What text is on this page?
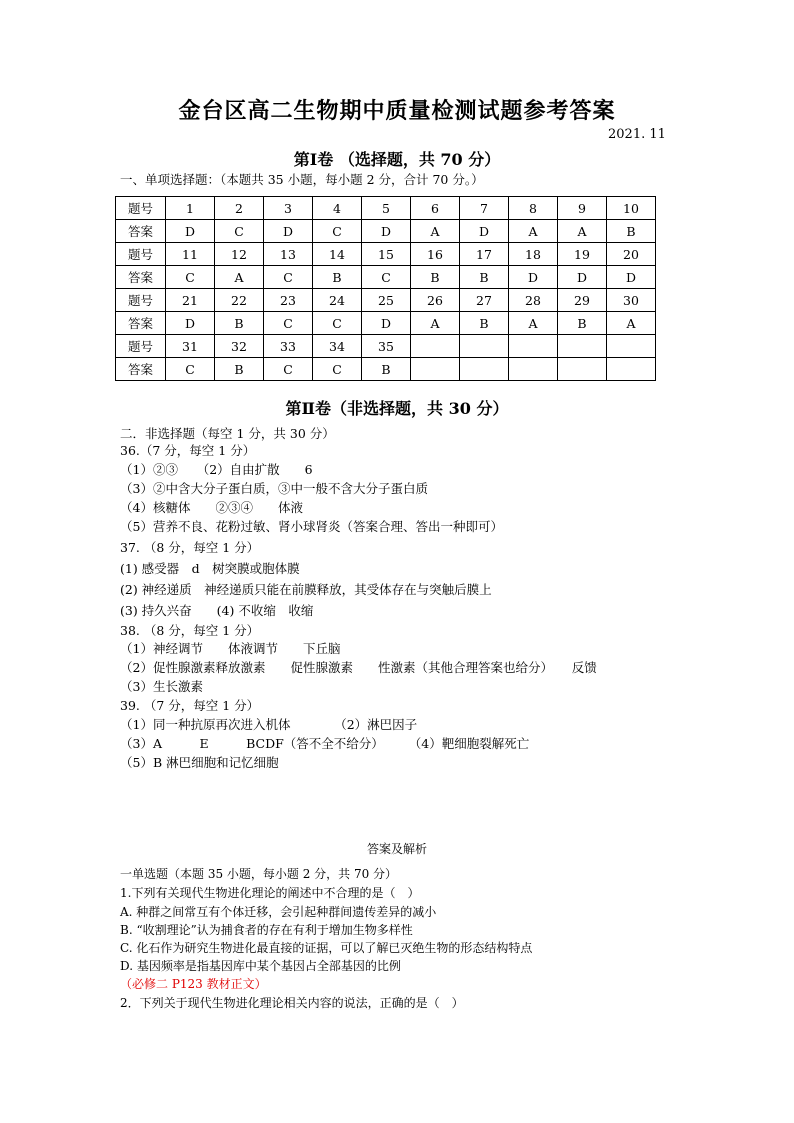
金台区高二生物期中质量检测试题参考答案
2021. 11
第Ⅰ卷 （选择题，共 70 分）
一、单项选择题：（本题共 35 小题，每小题 2 分，合计 70 分。）
题号	1	2	3	4	5	6	7	8	9	10
答案	D	C	D	C	D	A	D	A	A	B
题号	11	12	13	14	15	16	17	18	19	20
答案	C	A	C	B	C	B	B	D	D	D
题号	21	22	23	24	25	26	27	28	29	30
答案	D	B	C	C	D	A	B	A	B	A
题号	31	32	33	34	35					
答案	C	B	C	C	B					
第Ⅱ卷（非选择题，共 30 分）
二．非选择题（每空 1 分，共 30 分）
36.（7 分，每空 1 分）
（1）②③　　（2）自由扩散　　6
（3）②中含大分子蛋白质，③中一般不含大分子蛋白质
（4）核糖体　　②③④　　体液
（5）营养不良、花粉过敏、肾小球肾炎（答案合理、答出一种即可）
37. （8 分，每空 1 分）
(1) 感受器　d　树突膜或胞体膜
(2) 神经递质　神经递质只能在前膜释放，其受体存在与突触后膜上
(3) 持久兴奋　　(4) 不收缩　收缩
38. （8 分，每空 1 分）
（1）神经调节　　体液调节　　下丘脑
（2）促性腺激素释放激素　　促性腺激素　　性激素（其他合理答案也给分）　　反馈
（3）生长激素
39. （7 分，每空 1 分）
（1）同一种抗原再次进入机体　　　　（2）淋巴因子
（3）A　　　E　　　BCDF（答不全不给分）　　　（4）靶细胞裂解死亡
（5）B 淋巴细胞和记忆细胞
答案及解析
一单选题（本题 35 小题，每小题 2 分，共 70 分）
1.下列有关现代生物进化理论的阐述中不合理的是（　）
A. 种群之间常互有个体迁移，会引起种群间遗传差异的减小
B. “收割理论”认为捕食者的存在有利于增加生物多样性
C. 化石作为研究生物进化最直接的证据，可以了解已灭绝生物的形态结构特点
D. 基因频率是指基因库中某个基因占全部基因的比例
（必修二 P123 教材正文）
2．下列关于现代生物进化理论相关内容的说法，正确的是（　）
